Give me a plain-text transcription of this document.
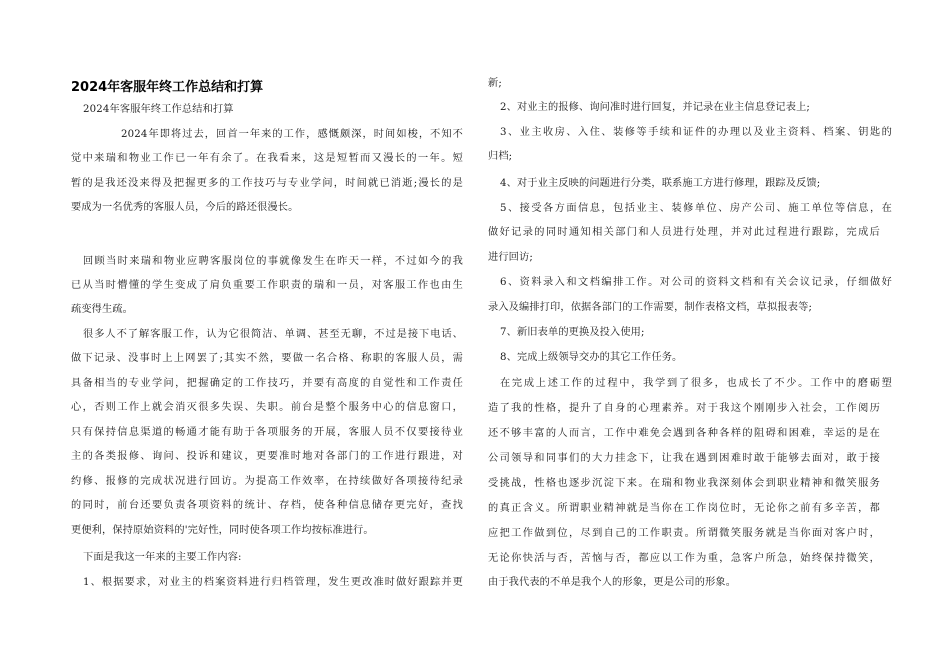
2024年客服年终工作总结和打算
2024年客服年终工作总结和打算
2024年即将过去，回首一年来的工作，感慨颇深，时间如梭，不知不
觉中来瑞和物业工作已一年有余了。在我看来，这是短暂而又漫长的一年。短
暂的是我还没来得及把握更多的工作技巧与专业学问，时间就已消逝;漫长的是
要成为一名优秀的客服人员，今后的路还很漫长。
回顾当时来瑞和物业应聘客服岗位的事就像发生在昨天一样，不过如今的我
已从当时懵懂的学生变成了肩负重要工作职责的瑞和一员，对客服工作也由生
疏变得生疏。
很多人不了解客服工作，认为它很简洁、单调、甚至无聊，不过是接下电话、
做下记录、没事时上上网罢了;其实不然，要做一名合格、称职的客服人员，需
具备相当的专业学问，把握确定的工作技巧，并要有高度的自觉性和工作责任
心，否则工作上就会消灭很多失误、失职。前台是整个服务中心的信息窗口，
只有保持信息渠道的畅通才能有助于各项服务的开展，客服人员不仅要接待业
主的各类报修、询问、投诉和建议，更要准时地对各部门的工作进行跟进，对
约修、报修的完成状况进行回访。为提高工作效率，在持续做好各项接待纪录
的同时，前台还要负责各项资料的统计、存档，使各种信息储存更完好，查找
更便利，保持原始资料的'完好性，同时使各项工作均按标准进行。
下面是我这一年来的主要工作内容:
1、根据要求，对业主的档案资料进行归档管理，发生更改准时做好跟踪并更
新;
2、对业主的报修、询问准时进行回复，并记录在业主信息登记表上;
3、业主收房、入住、装修等手续和证件的办理以及业主资料、档案、钥匙的
归档;
4、对于业主反映的问题进行分类，联系施工方进行修理，跟踪及反馈;
5、接受各方面信息，包括业主、装修单位、房产公司、施工单位等信息，在
做好记录的同时通知相关部门和人员进行处理，并对此过程进行跟踪，完成后
进行回访;
6、资料录入和文档编排工作。对公司的资料文档和有关会议记录，仔细做好
录入及编排打印，依据各部门的工作需要，制作表格文档，草拟报表等;
7、新旧表单的更换及投入使用;
8、完成上级领导交办的其它工作任务。
在完成上述工作的过程中，我学到了很多，也成长了不少。工作中的磨砺塑
造了我的性格，提升了自身的心理素养。对于我这个刚刚步入社会，工作阅历
还不够丰富的人而言，工作中难免会遇到各种各样的阻碍和困难，幸运的是在
公司领导和同事们的大力挂念下，让我在遇到困难时敢于能够去面对，敢于接
受挑战，性格也逐步沉淀下来。在瑞和物业我深刻体会到职业精神和微笑服务
的真正含义。所谓职业精神就是当你在工作岗位时，无论你之前有多辛苦，都
应把工作做到位，尽到自己的工作职责。所谓微笑服务就是当你面对客户时，
无论你快活与否，苦恼与否，都应以工作为重，急客户所急，始终保持微笑，
由于我代表的不单是我个人的形象，更是公司的形象。
